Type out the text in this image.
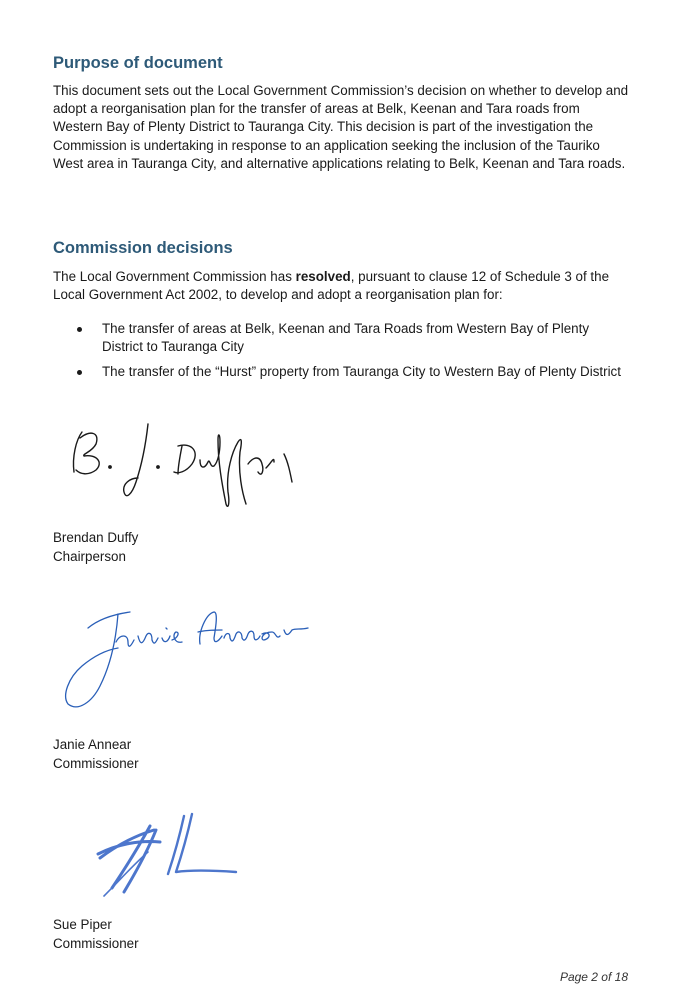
Purpose of document

This document sets out the Local Government Commission’s decision on whether to develop and adopt a reorganisation plan for the transfer of areas at Belk, Keenan and Tara roads from Western Bay of Plenty District to Tauranga City. This decision is part of the investigation the Commission is undertaking in response to an application seeking the inclusion of the Tauriko West area in Tauranga City, and alternative applications relating to Belk, Keenan and Tara roads.

Commission decisions

The Local Government Commission has resolved, pursuant to clause 12 of Schedule 3 of the Local Government Act 2002, to develop and adopt a reorganisation plan for:

The transfer of areas at Belk, Keenan and Tara Roads from Western Bay of Plenty District to Tauranga City
The transfer of the “Hurst” property from Tauranga City to Western Bay of Plenty District
Brendan Duffy
Chairperson
Janie Annear
Commissioner
Sue Piper
Commissioner
Page 2 of 18
